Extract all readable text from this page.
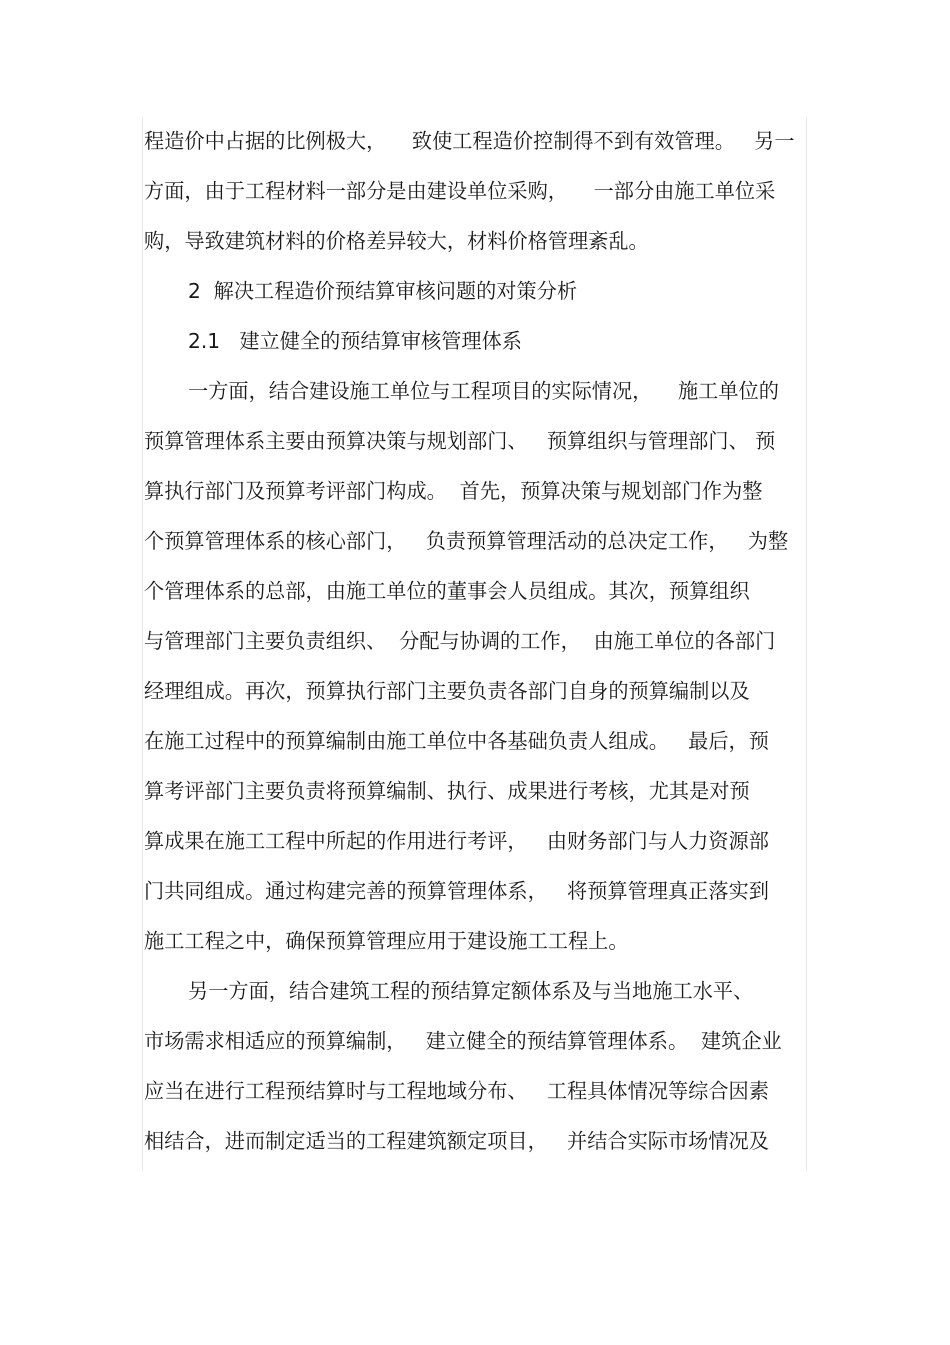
程造价中占据的比例极大，    致使工程造价控制得不到有效管理。   另一
方面，由于工程材料一部分是由建设单位采购，    一部分由施工单位采
购，导致建筑材料的价格差异较大，材料价格管理紊乱。
2  解决工程造价预结算审核问题的对策分析
2.1   建立健全的预结算审核管理体系
一方面，结合建设施工单位与工程项目的实际情况，    施工单位的
预算管理体系主要由预算决策与规划部门、   预算组织与管理部门、 预
算执行部门及预算考评部门构成。  首先，预算决策与规划部门作为整
个预算管理体系的核心部门，   负责预算管理活动的总决定工作，   为整
个管理体系的总部，由施工单位的董事会人员组成。其次，预算组织
与管理部门主要负责组织、  分配与协调的工作，  由施工单位的各部门
经理组成。再次，预算执行部门主要负责各部门自身的预算编制以及
在施工过程中的预算编制由施工单位中各基础负责人组成。   最后，预
算考评部门主要负责将预算编制、执行、成果进行考核，尤其是对预
算成果在施工工程中所起的作用进行考评，   由财务部门与人力资源部
门共同组成。通过构建完善的预算管理体系，   将预算管理真正落实到
施工工程之中，确保预算管理应用于建设施工工程上。
另一方面，结合建筑工程的预结算定额体系及与当地施工水平、
市场需求相适应的预算编制，   建立健全的预结算管理体系。  建筑企业
应当在进行工程预结算时与工程地域分布、   工程具体情况等综合因素
相结合，进而制定适当的工程建筑额定项目，   并结合实际市场情况及
